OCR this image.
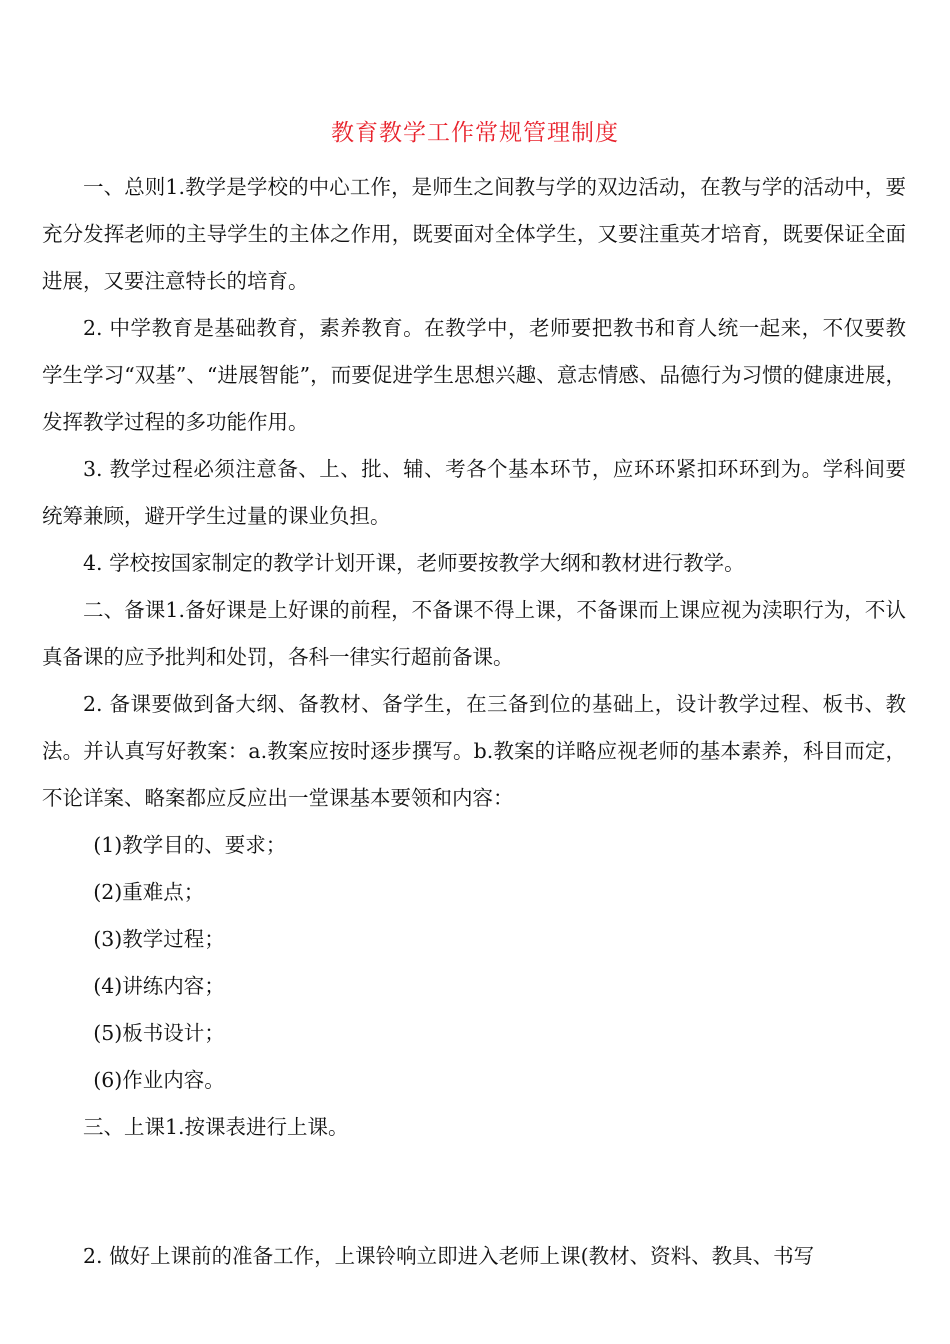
教育教学工作常规管理制度

一、总则1.教学是学校的中心工作，是师生之间教与学的双边活动，在教与学的活动中，要充分发挥老师的主导学生的主体之作用，既要面对全体学生，又要注重英才培育，既要保证全面进展，又要注意特长的培育。

2. 中学教育是基础教育，素养教育。在教学中，老师要把教书和育人统一起来，不仅要教学生学习“双基”、“进展智能”，而要促进学生思想兴趣、意志情感、品德行为习惯的健康进展，发挥教学过程的多功能作用。

3. 教学过程必须注意备、上、批、辅、考各个基本环节，应环环紧扣环环到为。学科间要统筹兼顾，避开学生过量的课业负担。

4. 学校按国家制定的教学计划开课，老师要按教学大纲和教材进行教学。

二、备课1.备好课是上好课的前程，不备课不得上课，不备课而上课应视为渎职行为，不认真备课的应予批判和处罚，各科一律实行超前备课。

2. 备课要做到备大纲、备教材、备学生，在三备到位的基础上，设计教学过程、板书、教法。并认真写好教案：a.教案应按时逐步撰写。b.教案的详略应视老师的基本素养，科目而定，不论详案、略案都应反应出一堂课基本要领和内容：

(1)教学目的、要求；

(2)重难点；

(3)教学过程；

(4)讲练内容；

(5)板书设计；

(6)作业内容。

三、上课1.按课表进行上课。

2. 做好上课前的准备工作，上课铃响立即进入老师上课(教材、资料、教具、书写
